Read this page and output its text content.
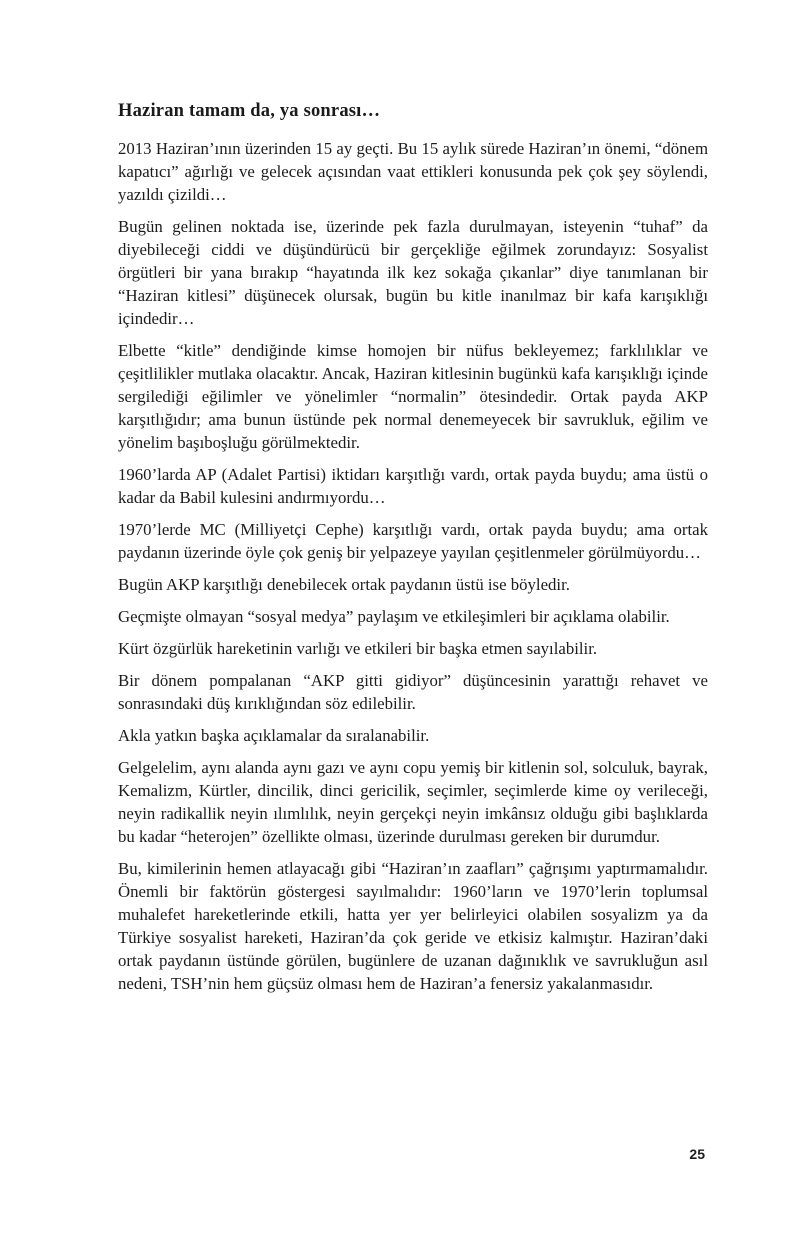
Haziran tamam da, ya sonrası…

2013 Haziran’ının üzerinden 15 ay geçti. Bu 15 aylık sürede Haziran’ın önemi, “dönem kapatıcı” ağırlığı ve gelecek açısından vaat ettikleri konusunda pek çok şey söylendi, yazıldı çizildi…

Bugün gelinen noktada ise, üzerinde pek fazla durulmayan, isteyenin “tuhaf” da diyebileceği ciddi ve düşündürücü bir gerçekliğe eğilmek zorundayız: Sosyalist örgütleri bir yana bırakıp “hayatında ilk kez sokağa çıkanlar” diye tanımlanan bir “Haziran kitlesi” düşünecek olursak, bugün bu kitle inanılmaz bir kafa karışıklığı içindedir…

Elbette “kitle” dendiğinde kimse homojen bir nüfus bekleyemez; farklılıklar ve çeşitlilikler mutlaka olacaktır. Ancak, Haziran kitlesinin bugünkü kafa karışıklığı içinde sergilediği eğilimler ve yönelimler “normalin” ötesindedir. Ortak payda AKP karşıtlığıdır; ama bunun üstünde pek normal denemeyecek bir savrukluk, eğilim ve yönelim başıboşluğu görülmektedir.

1960’larda AP (Adalet Partisi) iktidarı karşıtlığı vardı, ortak payda buydu; ama üstü o kadar da Babil kulesini andırmıyordu…

1970’lerde MC (Milliyetçi Cephe) karşıtlığı vardı, ortak payda buydu; ama ortak paydanın üzerinde öyle çok geniş bir yelpazeye yayılan çeşitlenmeler görülmüyordu…

Bugün AKP karşıtlığı denebilecek ortak paydanın üstü ise böyledir.

Geçmişte olmayan “sosyal medya” paylaşım ve etkileşimleri bir açıklama olabilir.

Kürt özgürlük hareketinin varlığı ve etkileri bir başka etmen sayılabilir.

Bir dönem pompalanan “AKP gitti gidiyor” düşüncesinin yarattığı rehavet ve sonrasındaki düş kırıklığından söz edilebilir.

Akla yatkın başka açıklamalar da sıralanabilir.

Gelgelelim, aynı alanda aynı gazı ve aynı copu yemiş bir kitlenin sol, solculuk, bayrak, Kemalizm, Kürtler, dincilik, dinci gericilik, seçimler, seçimlerde kime oy verileceği, neyin radikallik neyin ılımlılık, neyin gerçekçi neyin imkânsız olduğu gibi başlıklarda bu kadar “heterojen” özellikte olması, üzerinde durulması gereken bir durumdur.

Bu, kimilerinin hemen atlayacağı gibi “Haziran’ın zaafları” çağrışımı yaptırmamalıdır. Önemli bir faktörün göstergesi sayılmalıdır: 1960’ların ve 1970’lerin toplumsal muhalefet hareketlerinde etkili, hatta yer yer belirleyici olabilen sosyalizm ya da Türkiye sosyalist hareketi, Haziran’da çok geride ve etkisiz kalmıştır. Haziran’daki ortak paydanın üstünde görülen, bugünlere de uzanan dağınıklık ve savrukluğun asıl nedeni, TSH’nin hem güçsüz olması hem de Haziran’a fenersiz yakalanmasıdır.

25
